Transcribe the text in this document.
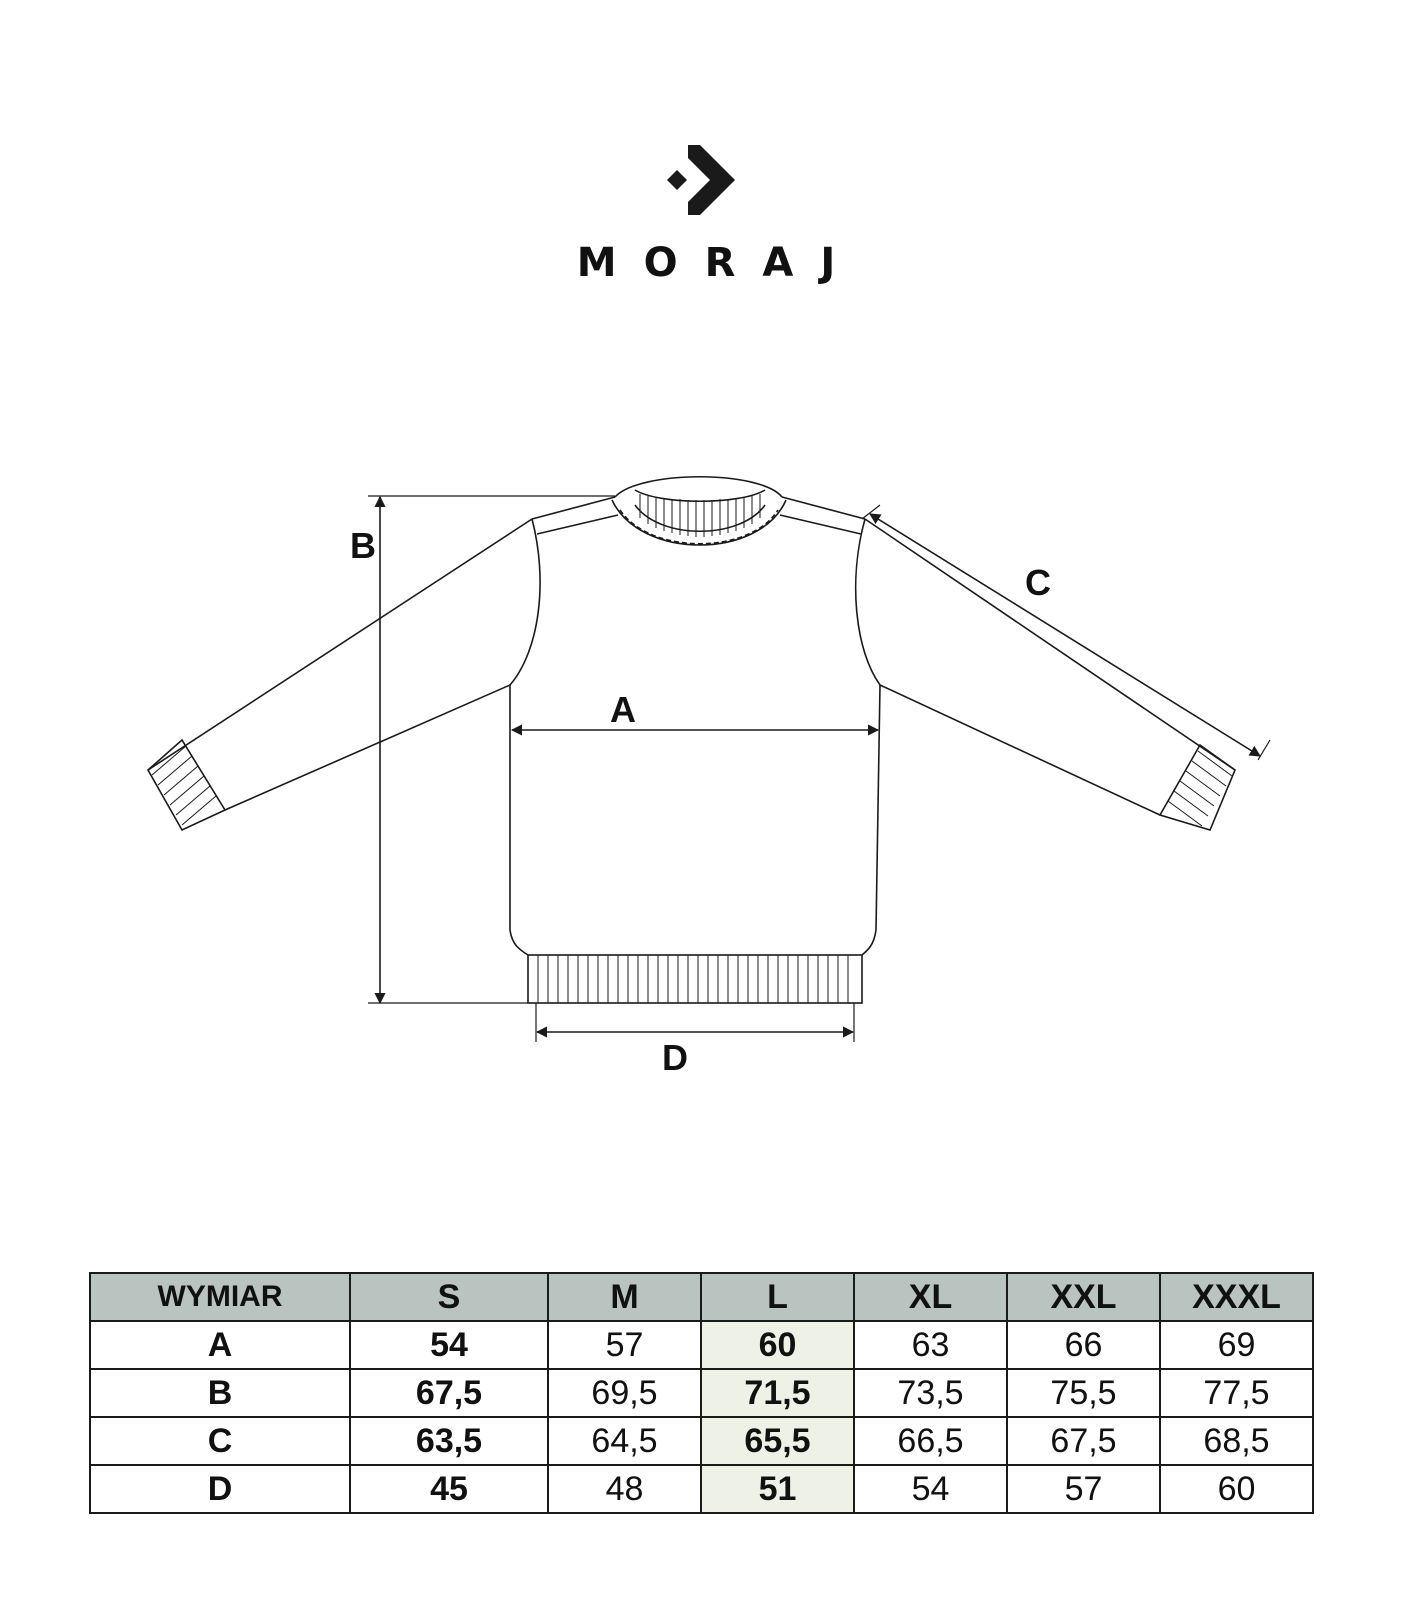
MORAJ
A
B
C
D
WYMIAR	S	M	L	XL	XXL	XXXL
A	54	57	60	63	66	69
B	67,5	69,5	71,5	73,5	75,5	77,5
C	63,5	64,5	65,5	66,5	67,5	68,5
D	45	48	51	54	57	60
